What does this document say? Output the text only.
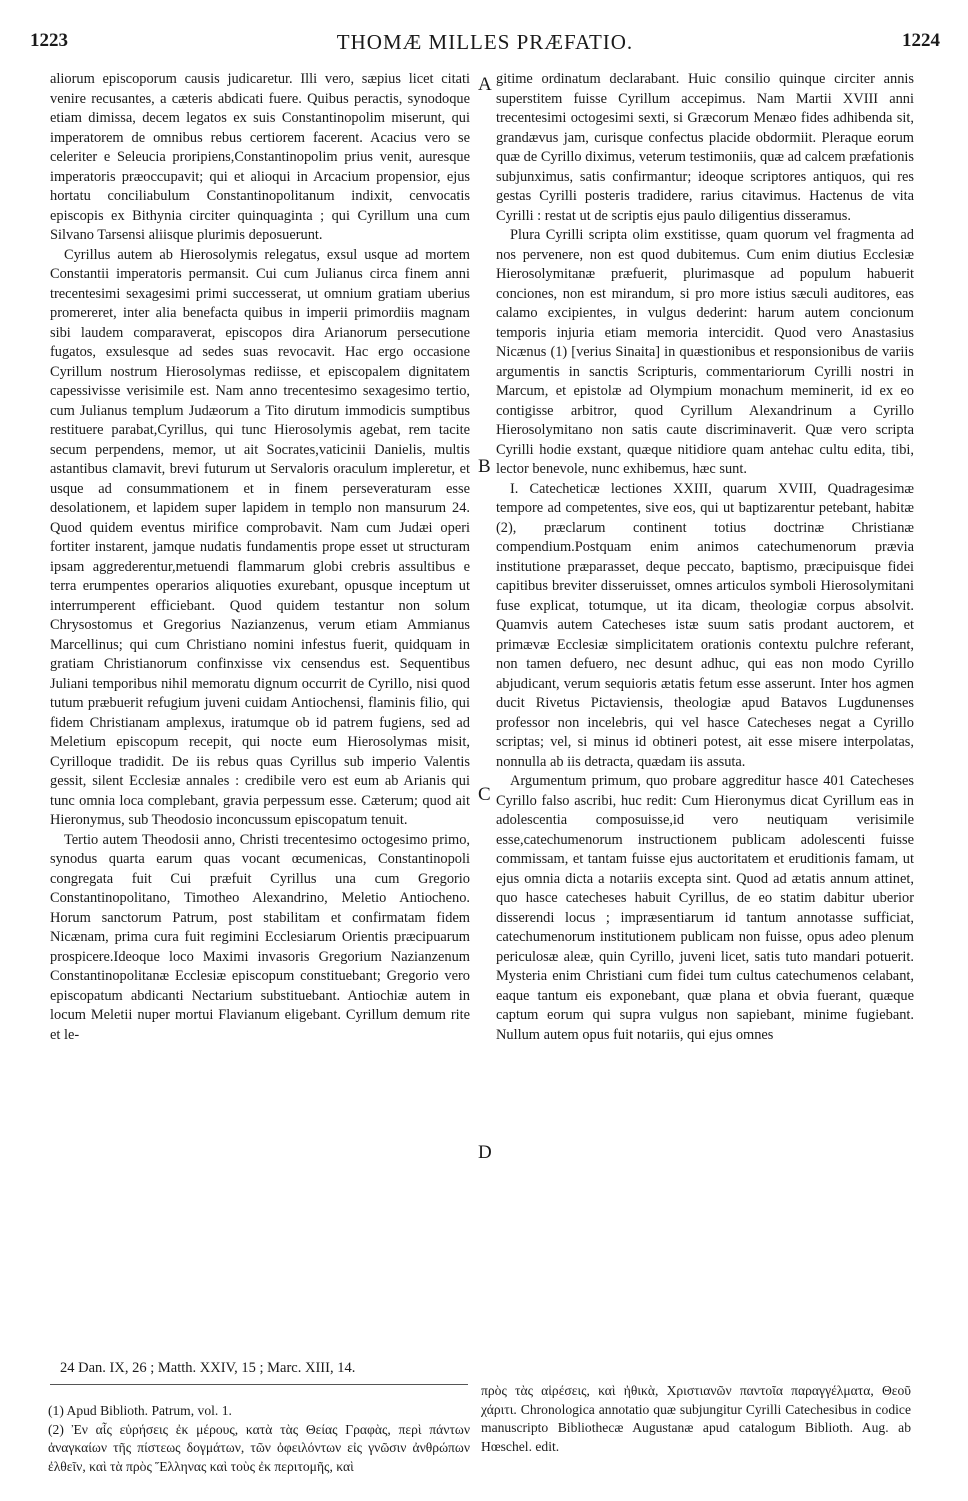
1223	THOMÆ MILLES PRÆFATIO.	1224

aliorum episcoporum causis judicaretur. Illi vero, sæpius licet citati venire recusantes, a cæteris abdicati fuere. Quibus peractis, synodoque etiam dimissa, decem legatos ex suis Constantinopolim miserunt, qui imperatorem de omnibus rebus certiorem facerent. Acacius vero se celeriter e Seleucia proripiens,Constantinopolim prius venit, auresque imperatoris præoccupavit; qui et alioqui in Arcacium propensior, ejus hortatu conciliabulum Constantinopolitanum indixit, cenvocatis episcopis ex Bithynia circiter quinquaginta ; qui Cyrillum una cum Silvano Tarsensi aliisque plurimis deposuerunt.

Cyrillus autem ab Hierosolymis relegatus, exsul usque ad mortem Constantii imperatoris permansit. Cui cum Julianus circa finem anni trecentesimi sexagesimi primi successerat, ut omnium gratiam uberius promereret, inter alia benefacta quibus in imperii primordiis magnam sibi laudem comparaverat, episcopos dira Arianorum persecutione fugatos, exsulesque ad sedes suas revocavit. Hac ergo occasione Cyrillum nostrum Hierosolymas rediisse, et episcopalem dignitatem capessivisse verisimile est. Nam anno trecentesimo sexagesimo tertio, cum Julianus templum Judæorum a Tito dirutum immodicis sumptibus restituere parabat,Cyrillus, qui tunc Hierosolymis agebat, rem tacite secum perpendens, memor, ut ait Socrates,vaticinii Danielis, multis astantibus clamavit, brevi futurum ut Servaloris oraculum impleretur, et usque ad consummationem et in finem perseveraturam esse desolationem, et lapidem super lapidem in templo non mansurum 24. Quod quidem eventus mirifice comprobavit. Nam cum Judæi operi fortiter instarent, jamque nudatis fundamentis prope esset ut structuram ipsam aggrederentur,metuendi flammarum globi crebris assultibus e terra erumpentes operarios aliquoties exurebant, opusque inceptum ut interrumperent efficiebant. Quod quidem testantur non solum Chrysostomus et Gregorius Nazianzenus, verum etiam Ammianus Marcellinus; qui cum Christiano nomini infestus fuerit, quidquam in gratiam Christianorum confinxisse vix censendus est. Sequentibus Juliani temporibus nihil memoratu dignum occurrit de Cyrillo, nisi quod tutum præbuerit refugium juveni cuidam Antiochensi, flaminis filio, qui fidem Christianam amplexus, iratumque ob id patrem fugiens, sed ad Meletium episcopum recepit, qui nocte eum Hierosolymas misit, Cyrilloque tradidit. De iis rebus quas Cyrillus sub imperio Valentis gessit, silent Ecclesiæ annales : credibile vero est eum ab Arianis qui tunc omnia loca complebant, gravia perpessum esse. Cæterum; quod ait Hieronymus, sub Theodosio inconcussum episcopatum tenuit.

Tertio autem Theodosii anno, Christi trecentesimo octogesimo primo, synodus quarta earum quas vocant œcumenicas, Constantinopoli congregata fuit Cui præfuit Cyrillus una cum Gregorio Constantinopolitano, Timotheo Alexandrino, Meletio Antiocheno. Horum sanctorum Patrum, post stabilitam et confirmatam fidem Nicænam, prima cura fuit regimini Ecclesiarum Orientis præcipuarum prospicere.Ideoque loco Maximi invasoris Gregorium Nazianzenum Constantinopolitanæ Ecclesiæ episcopum constituebant; Gregorio vero episcopatum abdicanti Nectarium substituebant. Antiochiæ autem in locum Meletii nuper mortui Flavianum eligebant. Cyrillum demum rite et le-

A
B
C
D

gitime ordinatum declarabant. Huic consilio quinque circiter annis superstitem fuisse Cyrillum accepimus. Nam Martii XVIII anni trecentesimi octogesimi sexti, si Græcorum Menæo fides adhibenda sit, grandævus jam, curisque confectus placide obdormiit. Pleraque eorum quæ de Cyrillo diximus, veterum testimoniis, quæ ad calcem præfationis subjunximus, satis confirmantur; ideoque scriptores antiquos, qui res gestas Cyrilli posteris tradidere, rarius citavimus. Hactenus de vita Cyrilli : restat ut de scriptis ejus paulo diligentius disseramus.

Plura Cyrilli scripta olim exstitisse, quam quorum vel fragmenta ad nos pervenere, non est quod dubitemus. Cum enim diutius Ecclesiæ Hierosolymitanæ præfuerit, plurimasque ad populum habuerit conciones, non est mirandum, si pro more istius sæculi auditores, eas calamo excipientes, in vulgus dederint: harum autem concionum temporis injuria etiam memoria intercidit. Quod vero Anastasius Nicænus (1) [verius Sinaita] in quæstionibus et responsionibus de variis argumentis in sanctis Scripturis, commentariorum Cyrilli nostri in Marcum, et epistolæ ad Olympium monachum meminerit, id ex eo contigisse arbitror, quod Cyrillum Alexandrinum a Cyrillo Hierosolymitano non satis caute discriminaverit. Quæ vero scripta Cyrilli hodie exstant, quæque nitidiore quam antehac cultu edita, tibi, lector benevole, nunc exhibemus, hæc sunt.

I. Catecheticæ lectiones XXIII, quarum XVIII, Quadragesimæ tempore ad competentes, sive eos, qui ut baptizarentur petebant, habitæ (2), præclarum continent totius doctrinæ Christianæ compendium.Postquam enim animos catechumenorum prævia institutione præparasset, deque peccato, baptismo, præcipuisque fidei capitibus breviter disseruisset, omnes articulos symboli Hierosolymitani fuse explicat, totumque, ut ita dicam, theologiæ corpus absolvit. Quamvis autem Catecheses istæ suum satis prodant auctorem, et primævæ Ecclesiæ simplicitatem orationis contextu pulchre referant, non tamen defuero, nec desunt adhuc, qui eas non modo Cyrillo abjudicant, verum sequioris ætatis fetum esse asserunt. Inter hos agmen ducit Rivetus Pictaviensis, theologiæ apud Batavos Lugdunenses professor non incelebris, qui vel hasce Catecheses negat a Cyrillo scriptas; vel, si minus id obtineri potest, ait esse misere interpolatas, nonnulla ab iis detracta, quædam iis assuta.

Argumentum primum, quo probare aggreditur hasce 401 Catecheses Cyrillo falso ascribi, huc redit: Cum Hieronymus dicat Cyrillum eas in adolescentia composuisse,id vero neutiquam verisimile esse,catechumenorum instructionem publicam adolescenti fuisse commissam, et tantam fuisse ejus auctoritatem et eruditionis famam, ut ejus omnia dicta a notariis excepta sint. Quod ad ætatis annum attinet, quo hasce catecheses habuit Cyrillus, de eo statim dabitur uberior disserendi locus ; impræsentiarum id tantum annotasse sufficiat, catechumenorum institutionem publicam non fuisse, opus adeo plenum periculosæ aleæ, quin Cyrillo, juveni licet, satis tuto mandari potuerit. Mysteria enim Christiani cum fidei tum cultus catechumenos celabant, eaque tantum eis exponebant, quæ plana et obvia fuerant, quæque captum eorum qui supra vulgus non sapiebant, minime fugiebant. Nullum autem opus fuit notariis, qui ejus omnes

24 Dan. IX, 26 ; Matth. XXIV, 15 ; Marc. XIII, 14.

(1) Apud Biblioth. Patrum, vol. 1.

(2) Ἐν αἷς εὑρήσεις ἐκ μέρους, κατὰ τὰς Θείας Γραφὰς, περὶ πάντων ἀναγκαίων τῆς πίστεως δογμάτων, τῶν ὀφειλόντων εἰς γνῶσιν ἀνθρώπων ἐλθεῖν, καὶ τὰ πρὸς Ἕλληνας καὶ τοὺς ἐκ περιτομῆς, καὶ

πρὸς τὰς αἱρέσεις, καὶ ἠθικὰ, Χριστιανῶν παντοῖα παραγγέλματα, Θεοῦ χάριτι. Chronologica annotatio quæ subjungitur Cyrilli Catechesibus in codice manuscripto Bibliothecæ Augustanæ apud catalogum Biblioth. Aug. ab Hœschel. edit.
